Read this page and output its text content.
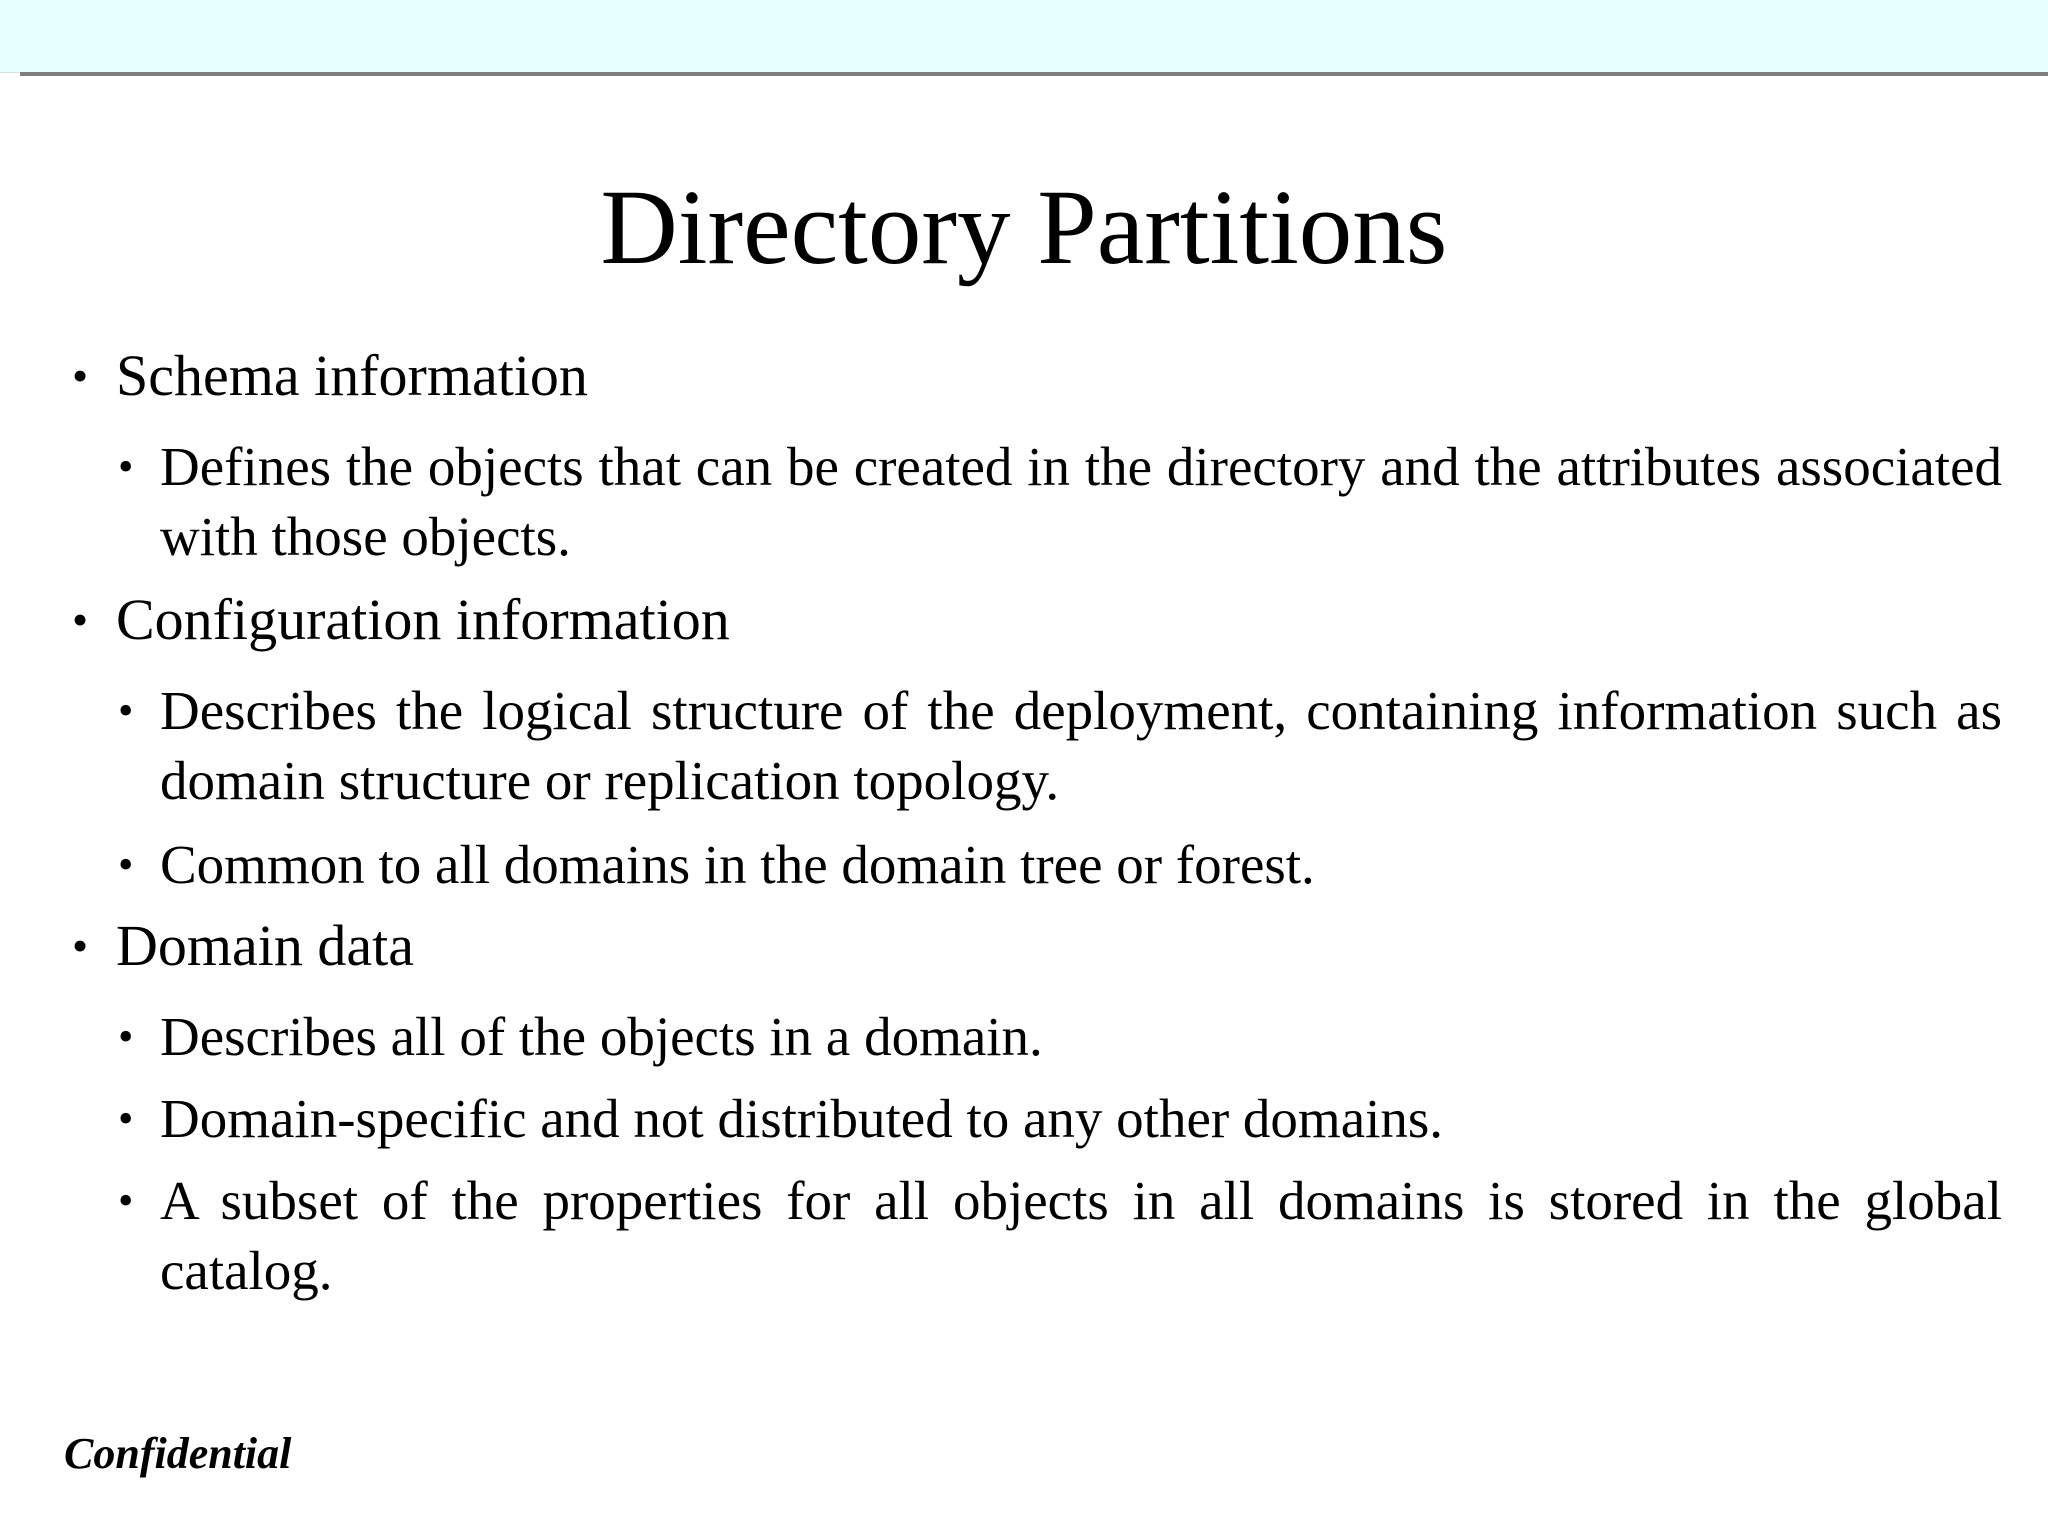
Directory Partitions
• Schema information
• Defines the objects that can be created in the directory and the attributes associated with those objects.
• Configuration information
• Describes the logical structure of the deployment, containing information such as domain structure or replication topology.
• Common to all domains in the domain tree or forest.
• Domain data
• Describes all of the objects in a domain.
• Domain-specific and not distributed to any other domains.
• A subset of the properties for all objects in all domains is stored in the global catalog.
Confidential
